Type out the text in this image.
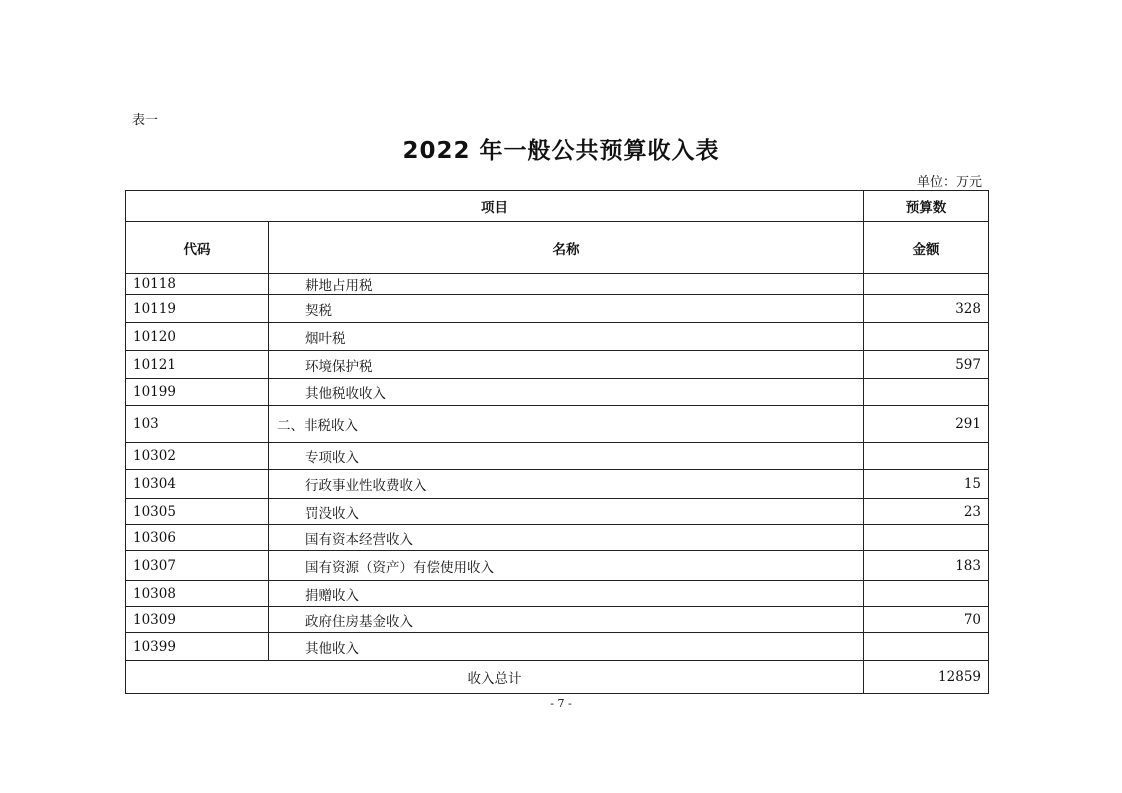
表一
2022 年一般公共预算收入表
单位：万元
项目		预算数
代码	名称	金额
10118	耕地占用税	
10119	契税	328
10120	烟叶税	
10121	环境保护税	597
10199	其他税收收入	
103	二、非税收入	291
10302	专项收入	
10304	行政事业性收费收入	15
10305	罚没收入	23
10306	国有资本经营收入	
10307	国有资源（资产）有偿使用收入	183
10308	捐赠收入	
10309	政府住房基金收入	70
10399	其他收入	
收入总计		12859
- 7 -
